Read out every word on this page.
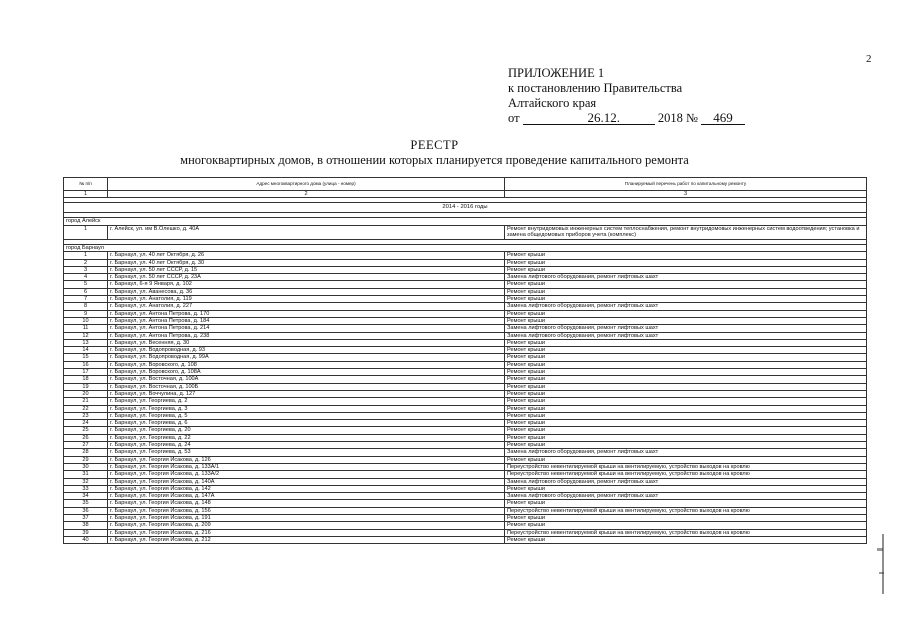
2
ПРИЛОЖЕНИЕ 1
к постановлению Правительства
Алтайского края
от	26.12.	2018 № 469
РЕЕСТР
многоквартирных домов, в отношении которых планируется проведение капитального ремонта
№ п/п	Адрес многоквартирного дома (улица - номер)	Планируемый перечень работ по капитальному ремонту
1	2	3

2014 - 2016 годы		

город Алейск		
1	г. Алейск, ул. им В.Олешко, д. 40А	Ремонт внутридомовых инженерных систем теплоснабжения, ремонт внутридомовых инженерных систем водоотведения; установка и замена общедомовых приборов учета (комплекс)

город Барнаул		
1	г. Барнаул, ул. 40 лет Октября, д. 26	Ремонт крыши
2	г. Барнаул, ул. 40 лет Октября, д. 30	Ремонт крыши
3	г. Барнаул, ул. 50 лет СССР, д. 15	Ремонт крыши
4	г. Барнаул, ул. 50 лет СССР, д. 23А	Замена лифтового оборудования, ремонт лифтовых шахт
5	г. Барнаул, 6-я 9 Января, д. 102	Ремонт крыши
6	г. Барнаул, ул. Аванесова, д. 36	Ремонт крыши
7	г. Барнаул, ул. Анатолия, д. 119	Ремонт крыши
8	г. Барнаул, ул. Анатолия, д. 227	Замена лифтового оборудования, ремонт лифтовых шахт
9	г. Барнаул, ул. Антона Петрова, д. 170	Ремонт крыши
10	г. Барнаул, ул. Антона Петрова, д. 184	Ремонт крыши
11	г. Барнаул, ул. Антона Петрова, д. 214	Замена лифтового оборудования, ремонт лифтовых шахт
12	г. Барнаул, ул. Антона Петрова, д. 238	Замена лифтового оборудования, ремонт лифтовых шахт
13	г. Барнаул, ул. Весенняя, д. 30	Ремонт крыши
14	г. Барнаул, ул. Водопроводная, д. 93	Ремонт крыши
15	г. Барнаул, ул. Водопроводная, д. 99А	Ремонт крыши
16	г. Барнаул, ул. Воровского, д. 108	Ремонт крыши
17	г. Барнаул, ул. Воровского, д. 108А	Ремонт крыши
18	г. Барнаул, ул. Восточная, д. 100А	Ремонт крыши
19	г. Барнаул, ул. Восточная, д. 100Б	Ремонт крыши
20	г. Барнаул, ул. Воччулина, д. 127	Ремонт крыши
21	г. Барнаул, ул. Георгиева, д. 2	Ремонт крыши
22	г. Барнаул, ул. Георгиева, д. 3	Ремонт крыши
23	г. Барнаул, ул. Георгиева, д. 5	Ремонт крыши
24	г. Барнаул, ул. Георгиева, д. 6	Ремонт крыши
25	г. Барнаул, ул. Георгиева, д. 20	Ремонт крыши
26	г. Барнаул, ул. Георгиева, д. 22	Ремонт крыши
27	г. Барнаул, ул. Георгиева, д. 24	Ремонт крыши
28	г. Барнаул, ул. Георгиева, д. 53	Замена лифтового оборудования, ремонт лифтовых шахт
29	г. Барнаул, ул. Георгия Исакова, д. 126	Ремонт крыши
30	г. Барнаул, ул. Георгия Исакова, д. 133А/1	Переустройство невентилируемой крыши на вентилируемую, устройство выходов на кровлю
31	г. Барнаул, ул. Георгия Исакова, д. 133А/2	Переустройство невентилируемой крыши на вентилируемую, устройство выходов на кровлю
32	г. Барнаул, ул. Георгия Исакова, д. 140А	Замена лифтового оборудования, ремонт лифтовых шахт
33	г. Барнаул, ул. Георгия Исакова, д. 142	Ремонт крыши
34	г. Барнаул, ул. Георгия Исакова, д. 147А	Замена лифтового оборудования, ремонт лифтовых шахт
35	г. Барнаул, ул. Георгия Исакова, д. 148	Ремонт крыши
36	г. Барнаул, ул. Георгия Исакова, д. 156	Переустройство невентилируемой крыши на вентилируемую, устройство выходов на кровлю
37	г. Барнаул, ул. Георгия Исакова, д. 191	Ремонт крыши
38	г. Барнаул, ул. Георгия Исакова, д. 209	Ремонт крыши
39	г. Барнаул, ул. Георгия Исакова, д. 216	Переустройство невентилируемой крыши на вентилируемую, устройство выходов на кровлю
40	г. Барнаул, ул. Георгия Исакова, д. 212	Ремонт крыши
